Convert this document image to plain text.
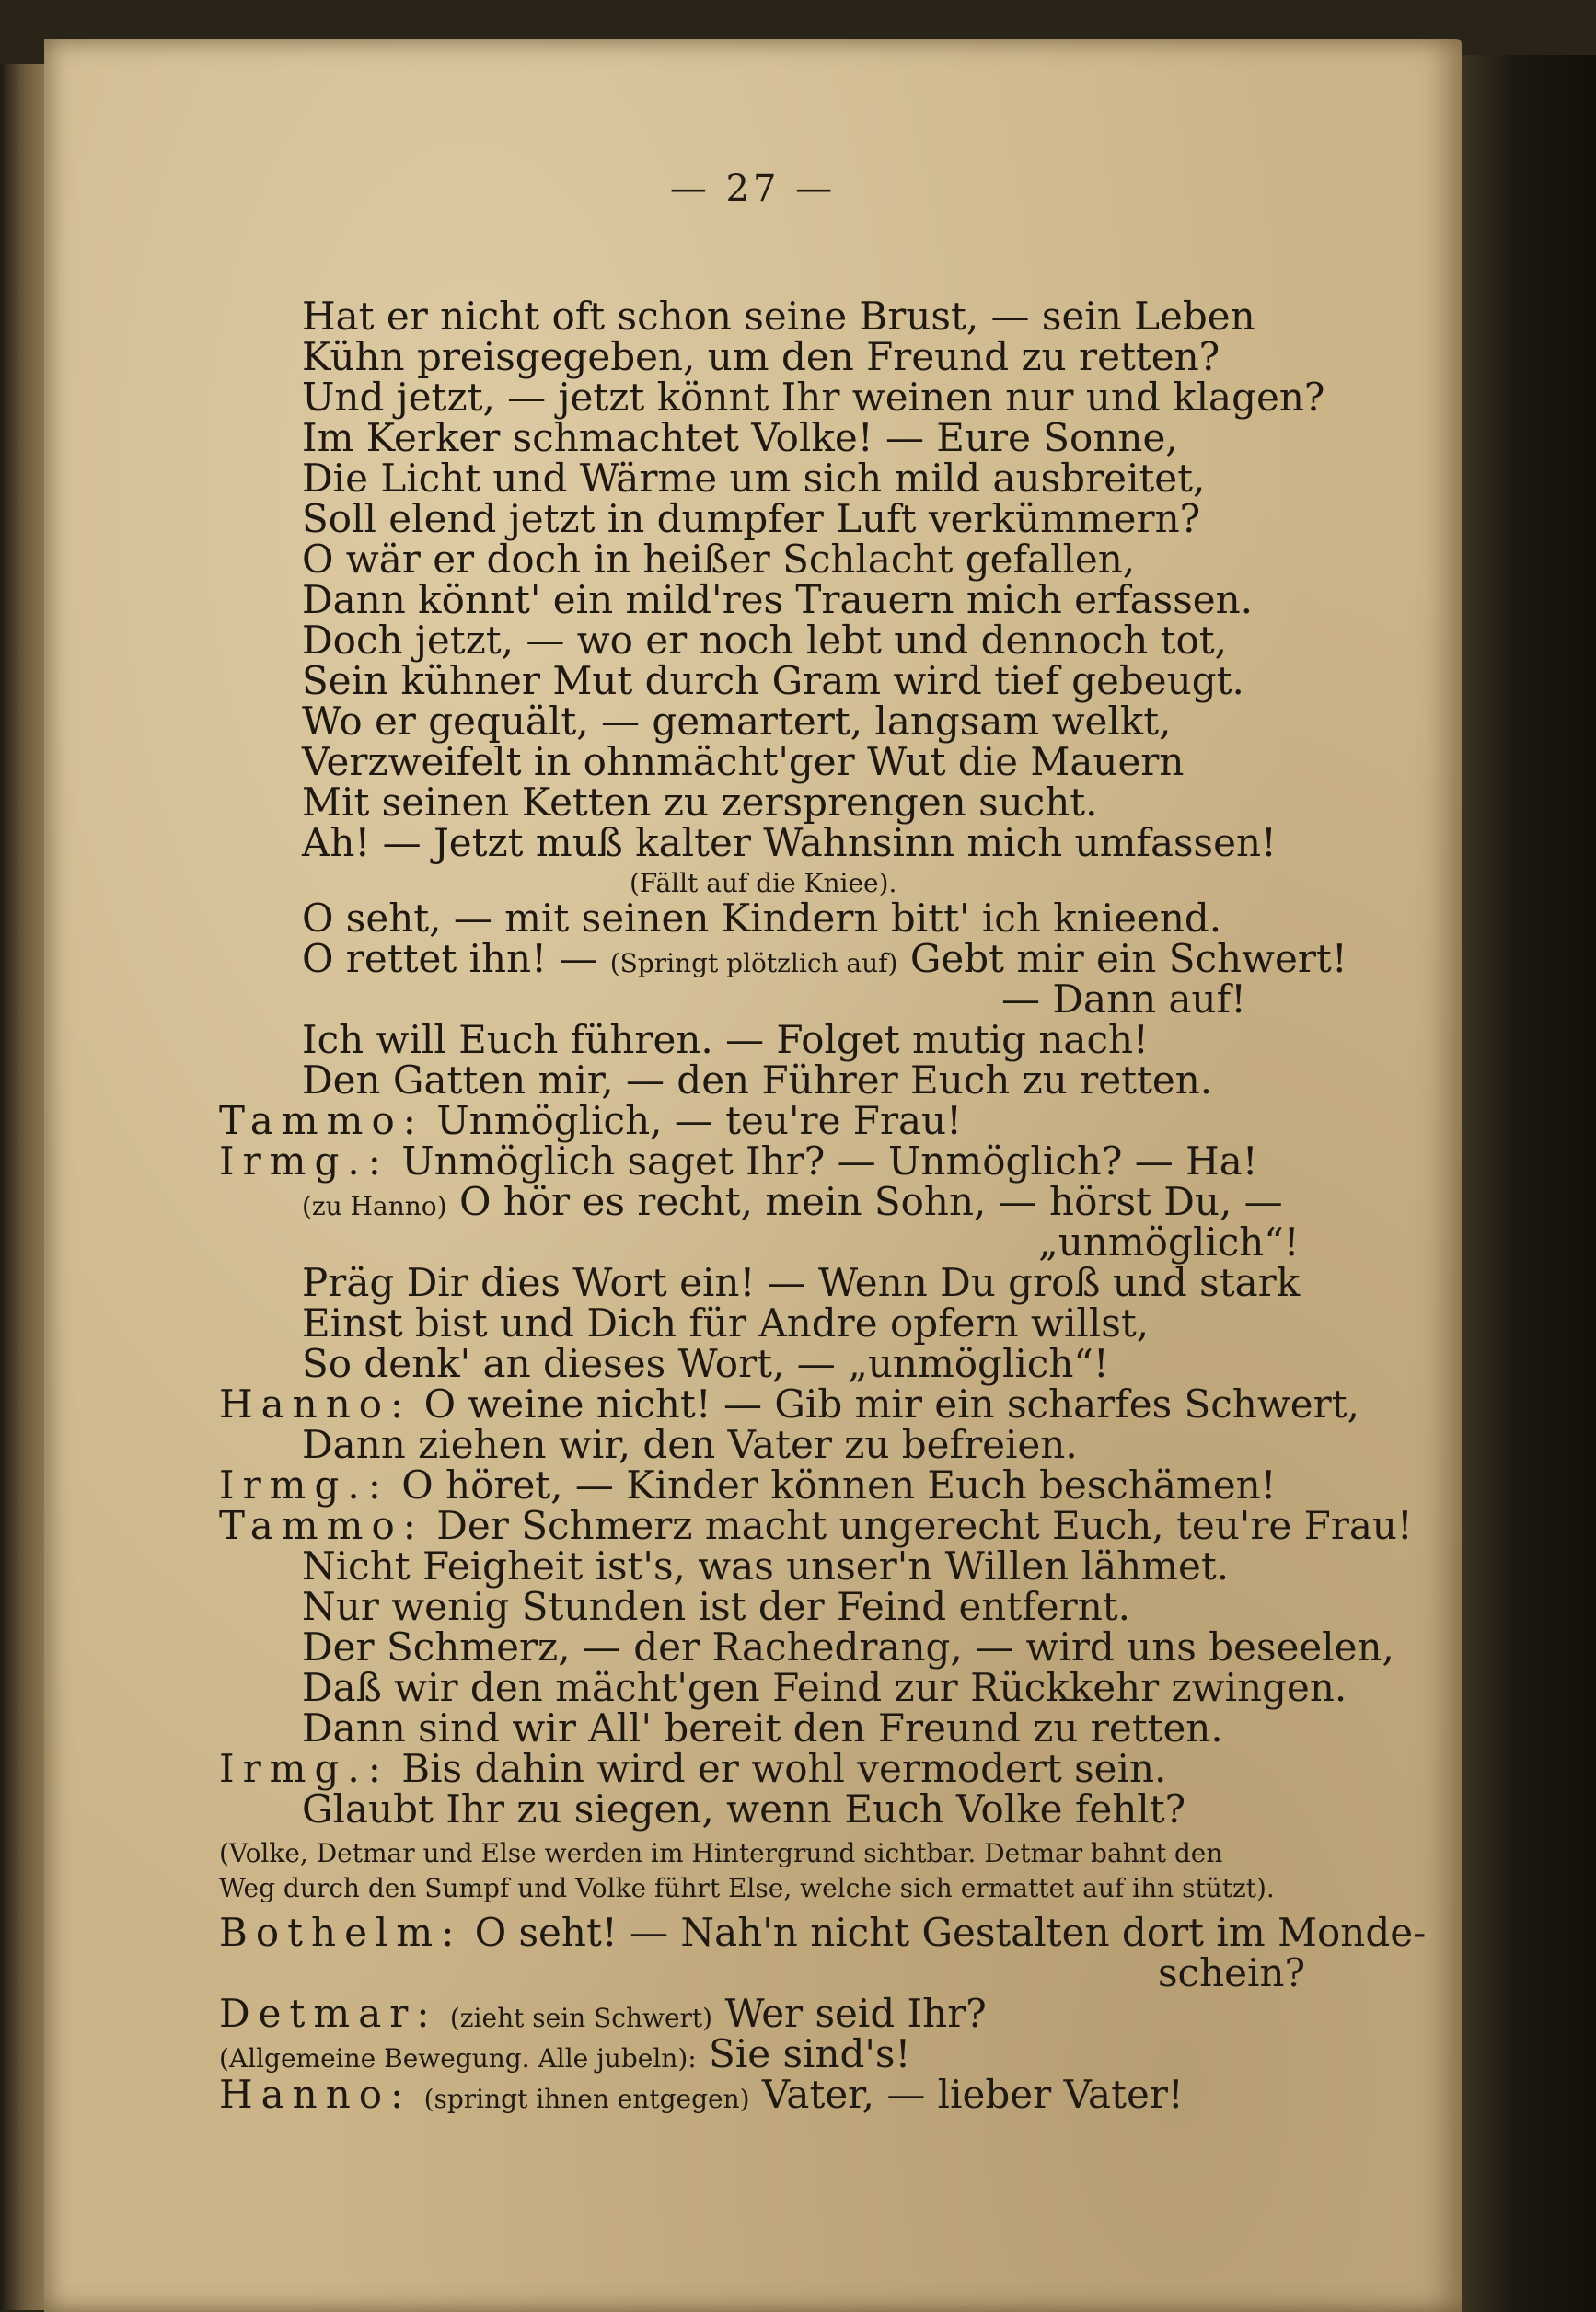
— 27 —
Hat er nicht oft schon seine Brust, — sein Leben
Kühn preisgegeben, um den Freund zu retten?
Und jetzt, — jetzt könnt Ihr weinen nur und klagen?
Im Kerker schmachtet Volke! — Eure Sonne,
Die Licht und Wärme um sich mild ausbreitet,
Soll elend jetzt in dumpfer Luft verkümmern?
O wär er doch in heißer Schlacht gefallen,
Dann könnt' ein mild'res Trauern mich erfassen.
Doch jetzt, — wo er noch lebt und dennoch tot,
Sein kühner Mut durch Gram wird tief gebeugt.
Wo er gequält, — gemartert, langsam welkt,
Verzweifelt in ohnmächt'ger Wut die Mauern
Mit seinen Ketten zu zersprengen sucht.
Ah! — Jetzt muß kalter Wahnsinn mich umfassen!
(Fällt auf die Kniee).
O seht, — mit seinen Kindern bitt' ich knieend.
O rettet ihn! — (Springt plötzlich auf) Gebt mir ein Schwert!
— Dann auf!
Ich will Euch führen. — Folget mutig nach!
Den Gatten mir, — den Führer Euch zu retten.
Tammo: Unmöglich, — teu're Frau!
Irmg.: Unmöglich saget Ihr? — Unmöglich? — Ha!
(zu Hanno) O hör es recht, mein Sohn, — hörst Du, —
„unmöglich“!
Präg Dir dies Wort ein! — Wenn Du groß und stark
Einst bist und Dich für Andre opfern willst,
So denk' an dieses Wort, — „unmöglich“!
Hanno: O weine nicht! — Gib mir ein scharfes Schwert,
Dann ziehen wir, den Vater zu befreien.
Irmg.: O höret, — Kinder können Euch beschämen!
Tammo: Der Schmerz macht ungerecht Euch, teu're Frau!
Nicht Feigheit ist's, was unser'n Willen lähmet.
Nur wenig Stunden ist der Feind entfernt.
Der Schmerz, — der Rachedrang, — wird uns beseelen,
Daß wir den mächt'gen Feind zur Rückkehr zwingen.
Dann sind wir All' bereit den Freund zu retten.
Irmg.: Bis dahin wird er wohl vermodert sein.
Glaubt Ihr zu siegen, wenn Euch Volke fehlt?
(Volke, Detmar und Else werden im Hintergrund sichtbar. Detmar bahnt den
Weg durch den Sumpf und Volke führt Else, welche sich ermattet auf ihn stützt).
Bothelm: O seht! — Nah'n nicht Gestalten dort im Monde-
schein?
Detmar: (zieht sein Schwert) Wer seid Ihr?
(Allgemeine Bewegung. Alle jubeln): Sie sind's!
Hanno: (springt ihnen entgegen) Vater, — lieber Vater!
